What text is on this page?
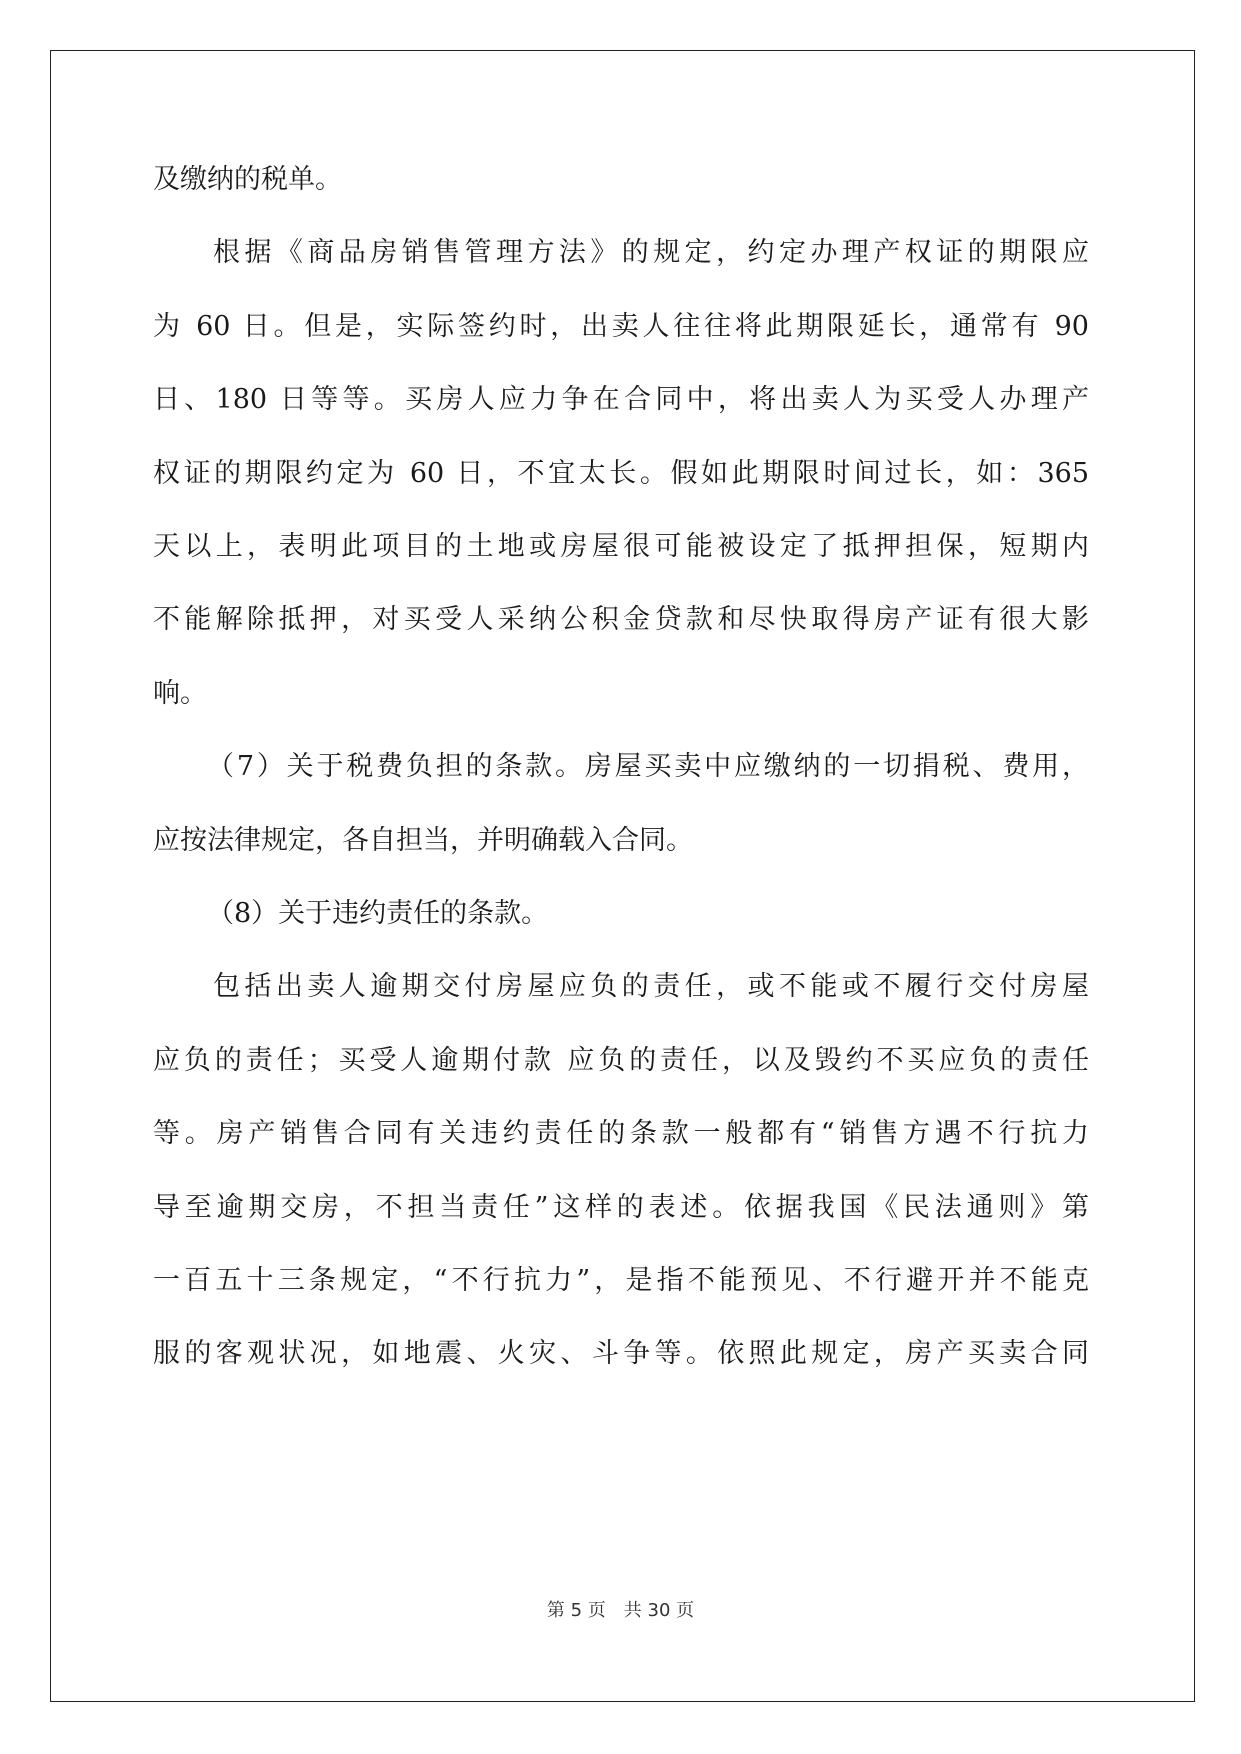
及缴纳的税单。
根据《商品房销售管理方法》的规定，约定办理产权证的期限应
为 60 日。但是，实际签约时，出卖人往往将此期限延长，通常有 90
日、180 日等等。买房人应力争在合同中，将出卖人为买受人办理产
权证的期限约定为 60 日，不宜太长。假如此期限时间过长，如：365
天以上，表明此项目的土地或房屋很可能被设定了抵押担保，短期内
不能解除抵押，对买受人采纳公积金贷款和尽快取得房产证有很大影
响。
（7）关于税费负担的条款。房屋买卖中应缴纳的一切捐税、费用，
应按法律规定，各自担当，并明确载入合同。
（8）关于违约责任的条款。
包括出卖人逾期交付房屋应负的责任，或不能或不履行交付房屋
应负的责任；买受人逾期付款 应负的责任，以及毁约不买应负的责任
等。房产销售合同有关违约责任的条款一般都有“销售方遇不行抗力
导至逾期交房，不担当责任”这样的表述。依据我国《民法通则》第
一百五十三条规定，“不行抗力”，是指不能预见、不行避开并不能克
服的客观状况，如地震、火灾、斗争等。依照此规定，房产买卖合同
第 5 页　共 30 页
